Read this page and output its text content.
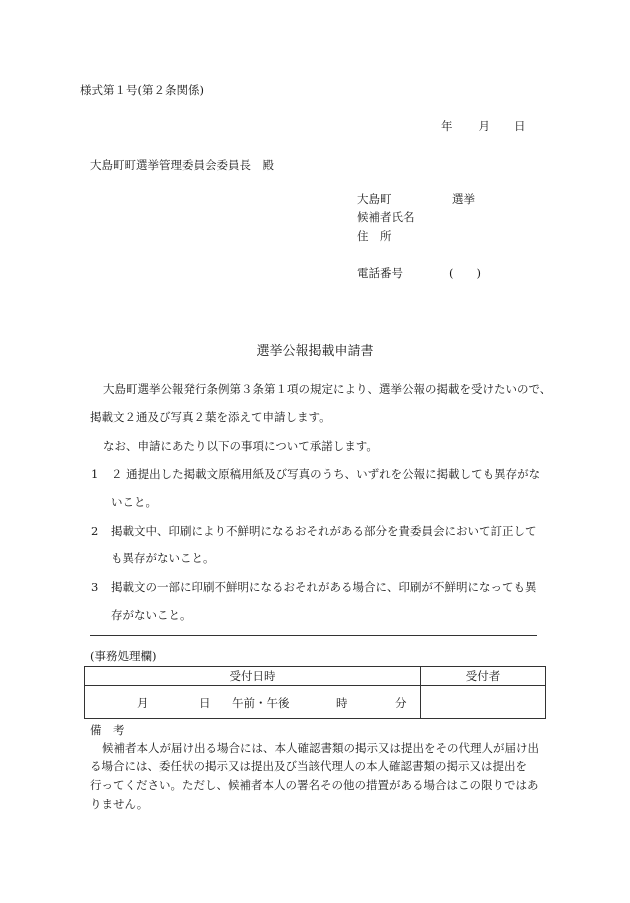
様式第１号(第２条関係)
年 月 日
大島町町選挙管理委員会委員長　殿
大島町	選挙
候補者氏名
住　所
電話番号	(　　)
選挙公報掲載申請書
大島町選挙公報発行条例第３条第１項の規定により、選挙公報の掲載を受けたいので、
掲載文２通及び写真２葉を添えて申請します。
なお、申請にあたり以下の事項について承諾します。
1 ２ 通提出した掲載文原稿用紙及び写真のうち、いずれを公報に掲載しても異存がな
いこと。
2 掲載文中、印刷により不鮮明になるおそれがある部分を貴委員会において訂正して
も異存がないこと。
3 掲載文の一部に印刷不鮮明になるおそれがある場合に、印刷が不鮮明になっても異
存がないこと。
(事務処理欄)
受付日時	受付者

月 日 午前・午後 時 分	

備　考
候補者本人が届け出る場合には、本人確認書類の掲示又は提出をその代理人が届け出
る場合には、委任状の掲示又は提出及び当該代理人の本人確認書類の掲示又は提出を
行ってください。ただし、候補者本人の署名その他の措置がある場合はこの限りではあ
りません。
